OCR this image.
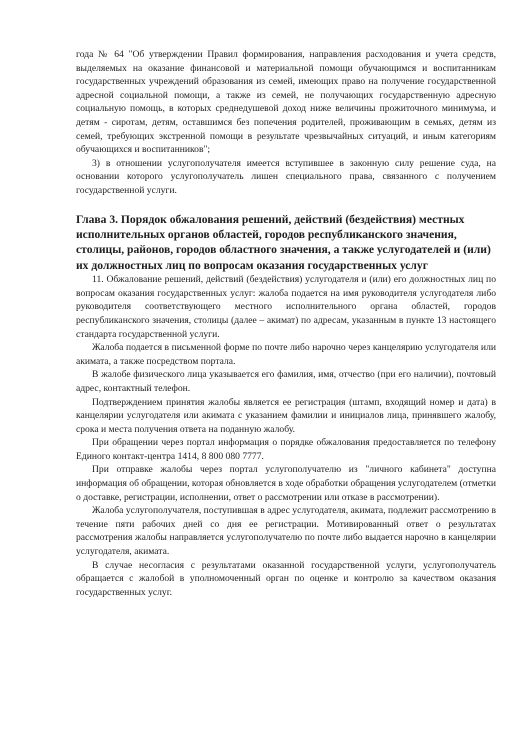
года № 64 "Об утверждении Правил формирования, направления расходования и учета средств, выделяемых на оказание финансовой и материальной помощи обучающимся и воспитанникам государственных учреждений образования из семей, имеющих право на получение государственной адресной социальной помощи, а также из семей, не получающих государственную адресную социальную помощь, в которых среднедушевой доход ниже величины прожиточного минимума, и детям - сиротам, детям, оставшимся без попечения родителей, проживающим в семьях, детям из семей, требующих экстренной помощи в результате чрезвычайных ситуаций, и иным категориям обучающихся и воспитанников";

3) в отношении услугополучателя имеется вступившее в законную силу решение суда, на основании которого услугополучатель лишен специального права, связанного с получением государственной услуги.

Глава 3. Порядок обжалования решений, действий (бездействия) местных исполнительных органов областей, городов республиканского значения, столицы, районов, городов областного значения, а также услугодателей и (или) их должностных лиц по вопросам оказания государственных услуг

11. Обжалование решений, действий (бездействия) услугодателя и (или) его должностных лиц по вопросам оказания государственных услуг: жалоба подается на имя руководителя услугодателя либо руководителя соответствующего местного исполнительного органа областей, городов республиканского значения, столицы (далее – акимат) по адресам, указанным в пункте 13 настоящего стандарта государственной услуги.

Жалоба подается в письменной форме по почте либо нарочно через канцелярию услугодателя или акимата, а также посредством портала.

В жалобе физического лица указывается его фамилия, имя, отчество (при его наличии), почтовый адрес, контактный телефон.

Подтверждением принятия жалобы является ее регистрация (штамп, входящий номер и дата) в канцелярии услугодателя или акимата с указанием фамилии и инициалов лица, принявшего жалобу, срока и места получения ответа на поданную жалобу.

При обращении через портал информация о порядке обжалования предоставляется по телефону Единого контакт-центра 1414, 8 800 080 7777.

При отправке жалобы через портал услугополучателю из "личного кабинета" доступна информация об обращении, которая обновляется в ходе обработки обращения услугодателем (отметки о доставке, регистрации, исполнении, ответ о рассмотрении или отказе в рассмотрении).

Жалоба услугополучателя, поступившая в адрес услугодателя, акимата, подлежит рассмотрению в течение пяти рабочих дней со дня ее регистрации. Мотивированный ответ о результатах рассмотрения жалобы направляется услугополучателю по почте либо выдается нарочно в канцелярии услугодателя, акимата.

В случае несогласия с результатами оказанной государственной услуги, услугополучатель обращается с жалобой в уполномоченный орган по оценке и контролю за качеством оказания государственных услуг.
